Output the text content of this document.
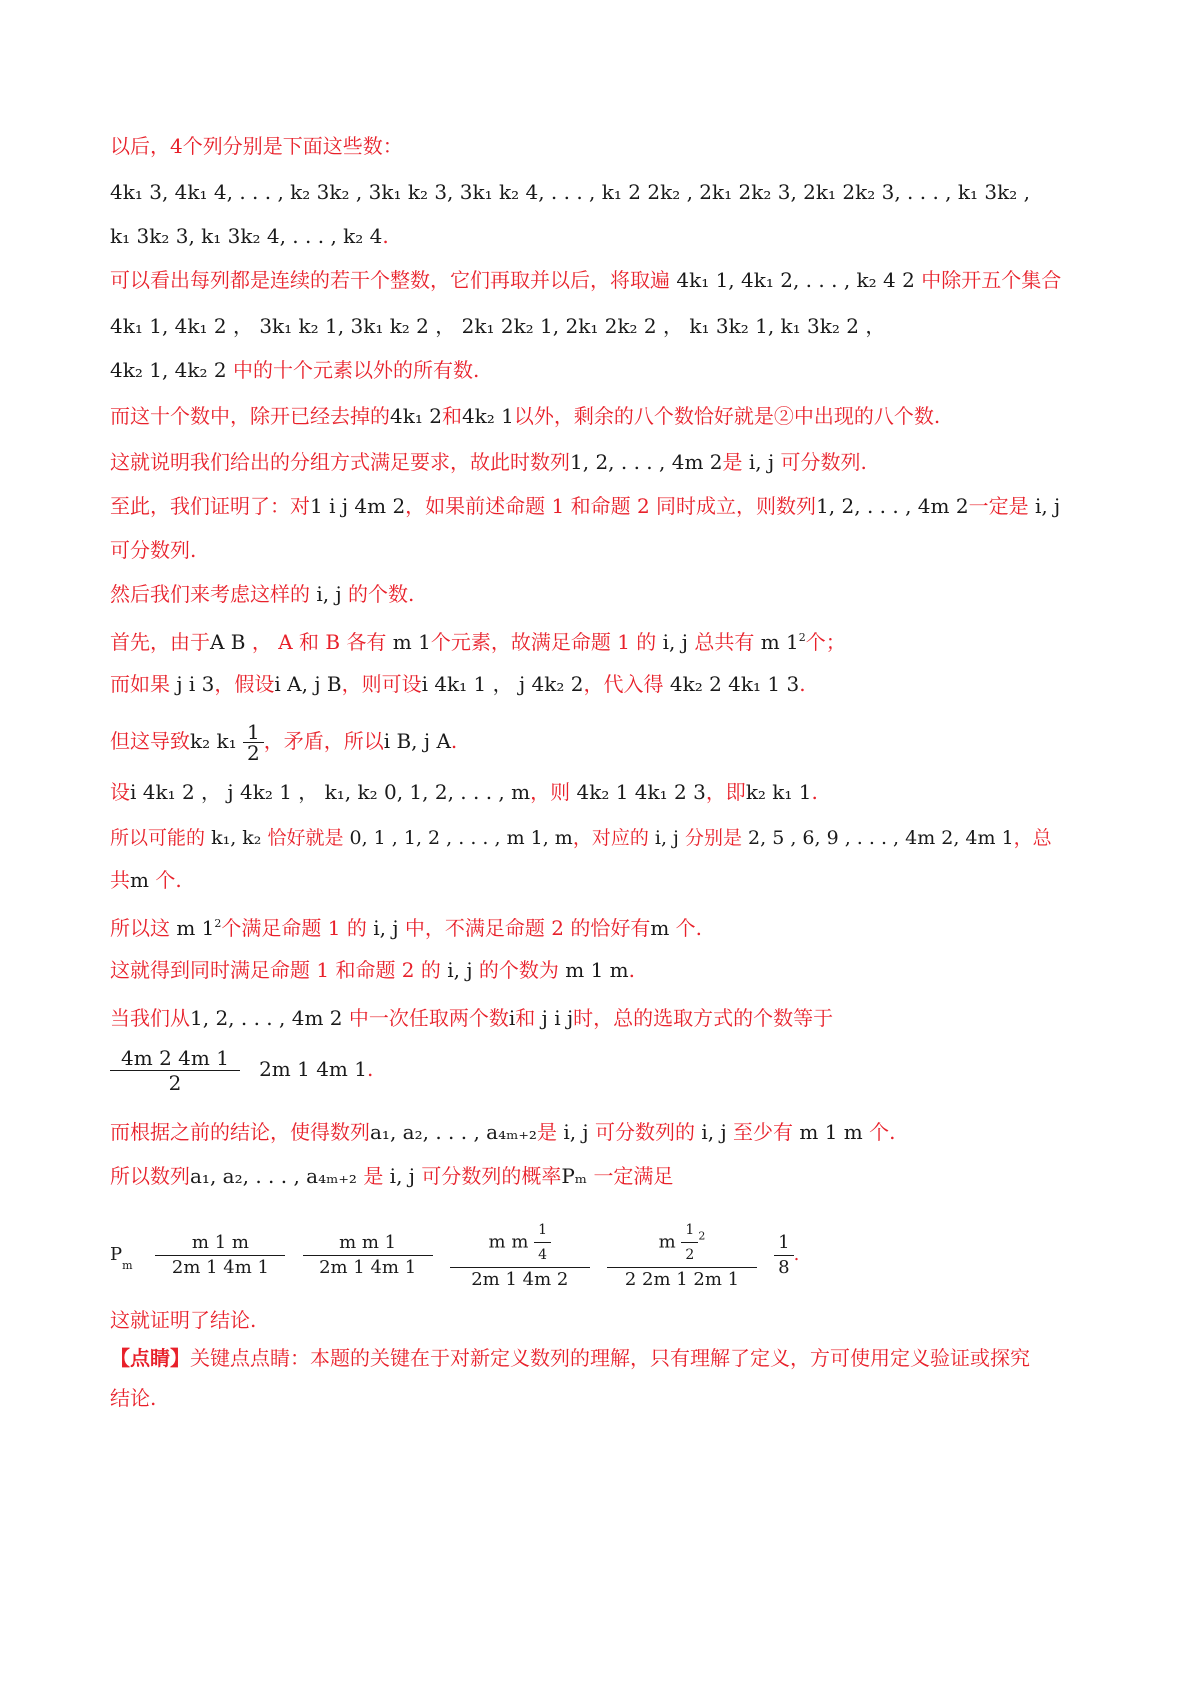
以后，4个列分别是下面这些数：
4k₁ 3, 4k₁ 4, . . . , k₂ 3k₂ , 3k₁ k₂ 3, 3k₁ k₂ 4, . . . , k₁ 2 2k₂ , 2k₁ 2k₂ 3, 2k₁ 2k₂ 3, . . . , k₁ 3k₂ ,
k₁ 3k₂ 3, k₁ 3k₂ 4, . . . , k₂ 4.
可以看出每列都是连续的若干个整数，它们再取并以后，将取遍 4k₁ 1, 4k₁ 2, . . . , k₂ 4 2 中除开五个集合
4k₁ 1, 4k₁ 2 ， 3k₁ k₂ 1, 3k₁ k₂ 2 ， 2k₁ 2k₂ 1, 2k₁ 2k₂ 2 ， k₁ 3k₂ 1, k₁ 3k₂ 2 ，
4k₂ 1, 4k₂ 2 中的十个元素以外的所有数.
而这十个数中，除开已经去掉的4k₁ 2和4k₂ 1以外，剩余的八个数恰好就是②中出现的八个数.
这就说明我们给出的分组方式满足要求，故此时数列1, 2, . . . , 4m 2是 i, j 可分数列.
至此，我们证明了：对1 i j 4m 2，如果前述命题 1 和命题 2 同时成立，则数列1, 2, . . . , 4m 2一定是 i, j
可分数列.
然后我们来考虑这样的 i, j 的个数.
首先，由于A B ， A 和 B 各有 m 1个元素，故满足命题 1 的 i, j 总共有 m $1^2$个；
而如果 j i 3，假设i A, j B，则可设i 4k₁ 1 ， j 4k₂ 2，代入得 4k₂ 2 4k₁ 1 3.
但这导致k₂ $k_1 \frac{1}{2}$ ，矛盾，所以i B, j A.
设i 4k₁ 2 ， j 4k₂ 1 ， k₁, k₂ 0, 1, 2, . . . , m，则 4k₂ 1 4k₁ 2 3，即k₂ k₁ 1.
所以可能的 k₁, k₂ 恰好就是 0, 1 , 1, 2 , . . . , m 1, m，对应的 i, j 分别是 2, 5 , 6, 9 , . . . , 4m 2, 4m 1，总
共m 个.
所以这 m $1^2$个满足命题 1 的 i, j 中，不满足命题 2 的恰好有m 个.
这就得到同时满足命题 1 和命题 2 的 i, j 的个数为 m 1 m.
当我们从1, 2, . . . , 4m 2 中一次任取两个数i和 j i j时，总的选取方式的个数等于
$\frac{4m 2 4m 1}{2} 2m$ 1 4m 1.
而根据之前的结论，使得数列a₁, a₂, . . . , a₄ₘ₊₂是 i, j 可分数列的 i, j 至少有 m 1 m 个.
所以数列a₁, a₂, . . . , a₄ₘ₊₂ 是 i, j 可分数列的概率Pₘ 一定满足
$P_m \frac{m 1 m}{2m 1 4m 1}$
$\frac{\text{m m 1}}{2m 1 4m 1}$
$\frac{m m \frac{1}{4}}{2m 1 4m 2}$
$\frac{m \frac{1}{2} ^2}{2 2m 1 2m 1}$
$\frac{1}{8}$ .
这就证明了结论.
【点睛】关键点点睛：本题的关键在于对新定义数列的理解，只有理解了定义，方可使用定义验证或探究
结论.
